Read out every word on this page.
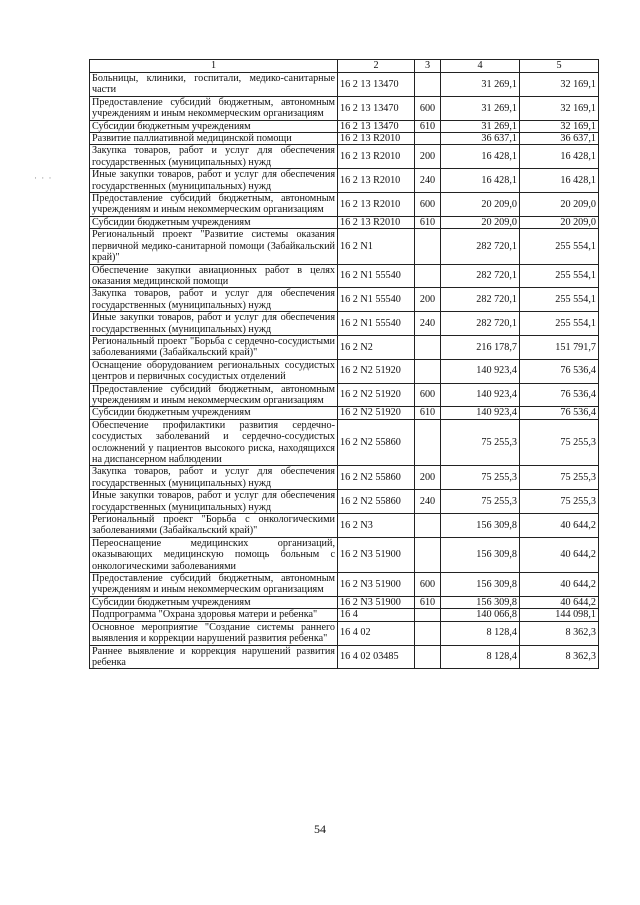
1	2	3	4	5
Больницы, клиники, госпитали, медико-санитарные части	16 2 13 13470		31 269,1	32 169,1
Предоставление субсидий бюджетным, автономным учреждениям и иным некоммерческим организациям	16 2 13 13470	600	31 269,1	32 169,1
Субсидии бюджетным учреждениям	16 2 13 13470	610	31 269,1	32 169,1
Развитие паллиативной медицинской помощи	16 2 13 R2010		36 637,1	36 637,1
Закупка товаров, работ и услуг для обеспечения государственных (муниципальных) нужд	16 2 13 R2010	200	16 428,1	16 428,1
Иные закупки товаров, работ и услуг для обеспечения государственных (муниципальных) нужд	16 2 13 R2010	240	16 428,1	16 428,1
Предоставление субсидий бюджетным, автономным учреждениям и иным некоммерческим организациям	16 2 13 R2010	600	20 209,0	20 209,0
Субсидии бюджетным учреждениям	16 2 13 R2010	610	20 209,0	20 209,0
Региональный проект "Развитие системы оказания первичной медико-санитарной помощи (Забайкальский край)"	16 2 N1		282 720,1	255 554,1
Обеспечение закупки авиационных работ в целях оказания медицинской помощи	16 2 N1 55540		282 720,1	255 554,1
Закупка товаров, работ и услуг для обеспечения государственных (муниципальных) нужд	16 2 N1 55540	200	282 720,1	255 554,1
Иные закупки товаров, работ и услуг для обеспечения государственных (муниципальных) нужд	16 2 N1 55540	240	282 720,1	255 554,1
Региональный проект "Борьба с сердечно-сосудистыми заболеваниями (Забайкальский край)"	16 2 N2		216 178,7	151 791,7
Оснащение оборудованием региональных сосудистых центров и первичных сосудистых отделений	16 2 N2 51920		140 923,4	76 536,4
Предоставление субсидий бюджетным, автономным учреждениям и иным некоммерческим организациям	16 2 N2 51920	600	140 923,4	76 536,4
Субсидии бюджетным учреждениям	16 2 N2 51920	610	140 923,4	76 536,4
Обеспечение профилактики развития сердечно-сосудистых заболеваний и сердечно-сосудистых осложнений у пациентов высокого риска, находящихся на диспансерном наблюдении	16 2 N2 55860		75 255,3	75 255,3
Закупка товаров, работ и услуг для обеспечения государственных (муниципальных) нужд	16 2 N2 55860	200	75 255,3	75 255,3
Иные закупки товаров, работ и услуг для обеспечения государственных (муниципальных) нужд	16 2 N2 55860	240	75 255,3	75 255,3
Региональный проект "Борьба с онкологическими заболеваниями (Забайкальский край)"	16 2 N3		156 309,8	40 644,2
Переоснащение медицинских организаций, оказывающих медицинскую помощь больным с онкологическими заболеваниями	16 2 N3 51900		156 309,8	40 644,2
Предоставление субсидий бюджетным, автономным учреждениям и иным некоммерческим организациям	16 2 N3 51900	600	156 309,8	40 644,2
Субсидии бюджетным учреждениям	16 2 N3 51900	610	156 309,8	40 644,2
Подпрограмма "Охрана здоровья матери и ребенка"	16 4		140 066,8	144 098,1
Основное мероприятие "Создание системы раннего выявления и коррекции нарушений развития ребенка"	16 4 02		8 128,4	8 362,3
Раннее выявление и коррекция нарушений развития ребенка	16 4 02 03485		8 128,4	8 362,3
· · ·
54
